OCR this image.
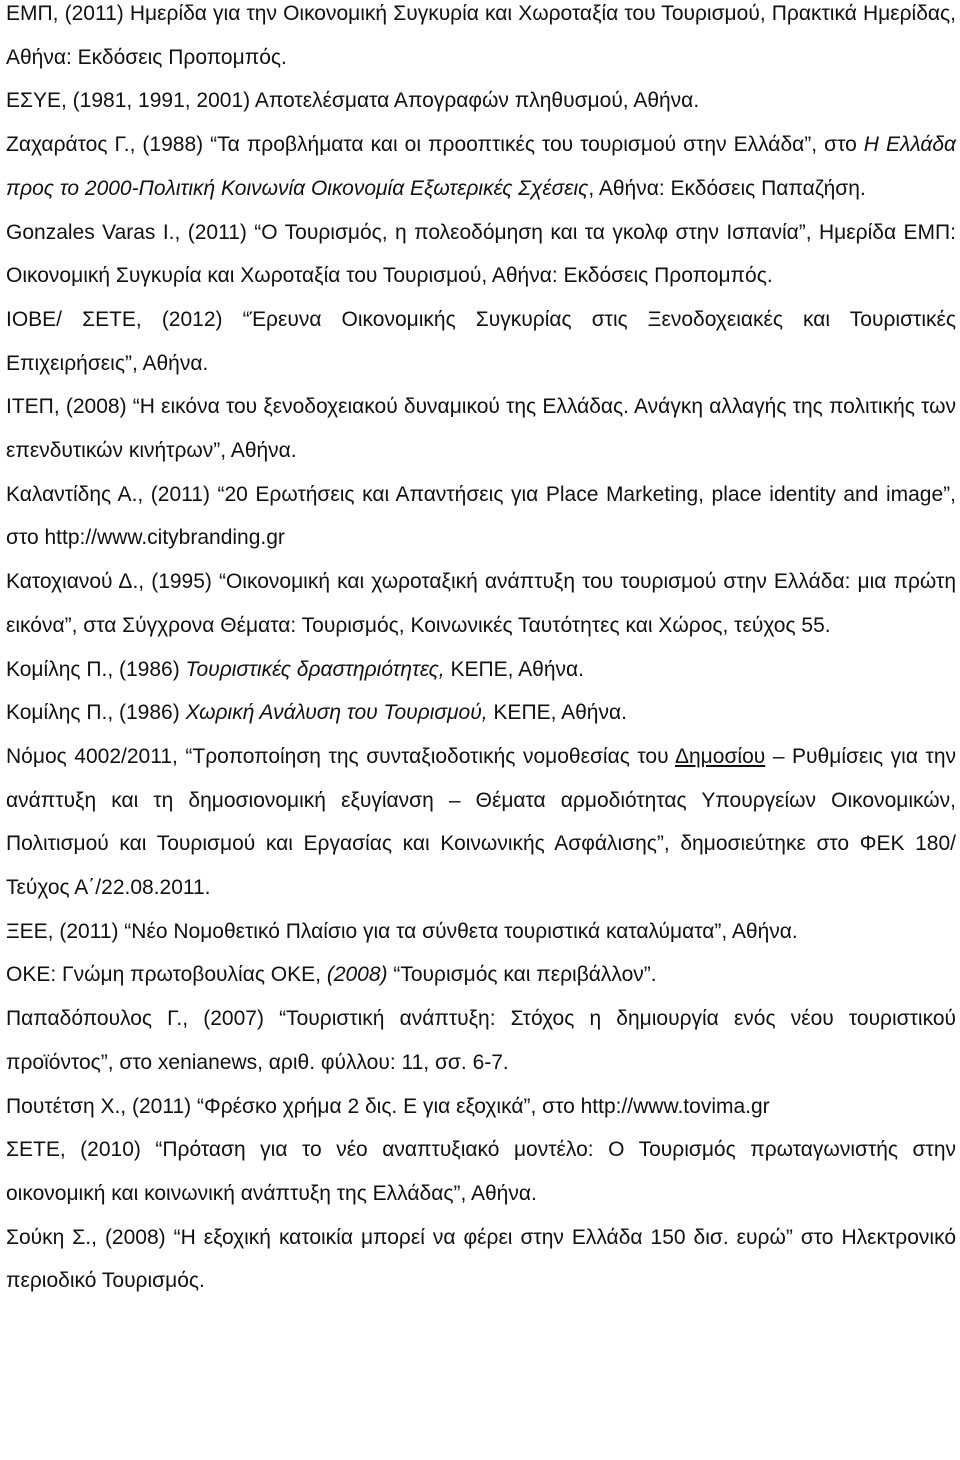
ΕΜΠ, (2011) Ημερίδα για την Οικονομική Συγκυρία και Χωροταξία του Τουρισμού, Πρακτικά Ημερίδας, Αθήνα: Εκδόσεις Προπομπός.

ΕΣΥΕ, (1981, 1991, 2001) Αποτελέσματα Απογραφών πληθυσμού, Αθήνα.

Ζαχαράτος Γ., (1988) “Τα προβλήματα και οι προοπτικές του τουρισμού στην Ελλάδα”, στο Η Ελλάδα προς το 2000-Πολιτική Κοινωνία Οικονομία Εξωτερικές Σχέσεις, Αθήνα: Εκδόσεις Παπαζήση.

Gonzales Varas I., (2011) “Ο Τουρισμός, η πολεοδόμηση και τα γκολφ στην Ισπανία”, Ημερίδα ΕΜΠ: Οικονομική Συγκυρία και Χωροταξία του Τουρισμού, Αθήνα: Εκδόσεις Προπομπός.

ΙΟΒΕ/ ΣΕΤΕ, (2012) “Έρευνα Οικονομικής Συγκυρίας στις Ξενοδοχειακές και Τουριστικές Επιχειρήσεις”, Αθήνα.

ΙΤΕΠ, (2008) “Η εικόνα του ξενοδοχειακού δυναμικού της Ελλάδας. Ανάγκη αλλαγής της πολιτικής των επενδυτικών κινήτρων”, Αθήνα.

Καλαντίδης Α., (2011) “20 Ερωτήσεις και Απαντήσεις για Place Marketing, place identity and image”, στο http://www.citybranding.gr

Κατοχιανού Δ., (1995) “Οικονομική και χωροταξική ανάπτυξη του τουρισμού στην Ελλάδα: μια πρώτη εικόνα”, στα Σύγχρονα Θέματα: Τουρισμός, Κοινωνικές Ταυτότητες και Χώρος, τεύχος 55.

Κομίλης Π., (1986) Τουριστικές δραστηριότητες, ΚΕΠΕ, Αθήνα.

Κομίλης Π., (1986) Χωρική Ανάλυση του Τουρισμού, ΚΕΠΕ, Αθήνα.

Νόμος 4002/2011, “Τροποποίηση της συνταξιοδοτικής νομοθεσίας του Δημοσίου – Ρυθμίσεις για την ανάπτυξη και τη δημοσιονομική εξυγίανση – Θέματα αρμοδιότητας Υπουργείων Οικονομικών, Πολιτισμού και Τουρισμού και Εργασίας και Κοινωνικής Ασφάλισης”, δημοσιεύτηκε στο ΦΕΚ 180/Τεύχος Α΄/22.08.2011.

ΞΕΕ, (2011) “Νέο Νομοθετικό Πλαίσιο για τα σύνθετα τουριστικά καταλύματα”, Αθήνα.

ΟΚΕ: Γνώμη πρωτοβουλίας ΟΚΕ, (2008) “Τουρισμός και περιβάλλον”.

Παπαδόπουλος Γ., (2007) “Τουριστική ανάπτυξη: Στόχος η δημιουργία ενός νέου τουριστικού προϊόντος”, στο xenianews, αριθ. φύλλου: 11, σσ. 6-7.

Πουτέτση Χ., (2011) “Φρέσκο χρήμα 2 δις. Ε για εξοχικά”, στο http://www.tovima.gr

ΣΕΤΕ, (2010) “Πρόταση για το νέο αναπτυξιακό μοντέλο: Ο Τουρισμός πρωταγωνιστής στην οικονομική και κοινωνική ανάπτυξη της Ελλάδας”, Αθήνα.

Σούκη Σ., (2008) “Η εξοχική κατοικία μπορεί να φέρει στην Ελλάδα 150 δισ. ευρώ” στο Ηλεκτρονικό περιοδικό Τουρισμός.
